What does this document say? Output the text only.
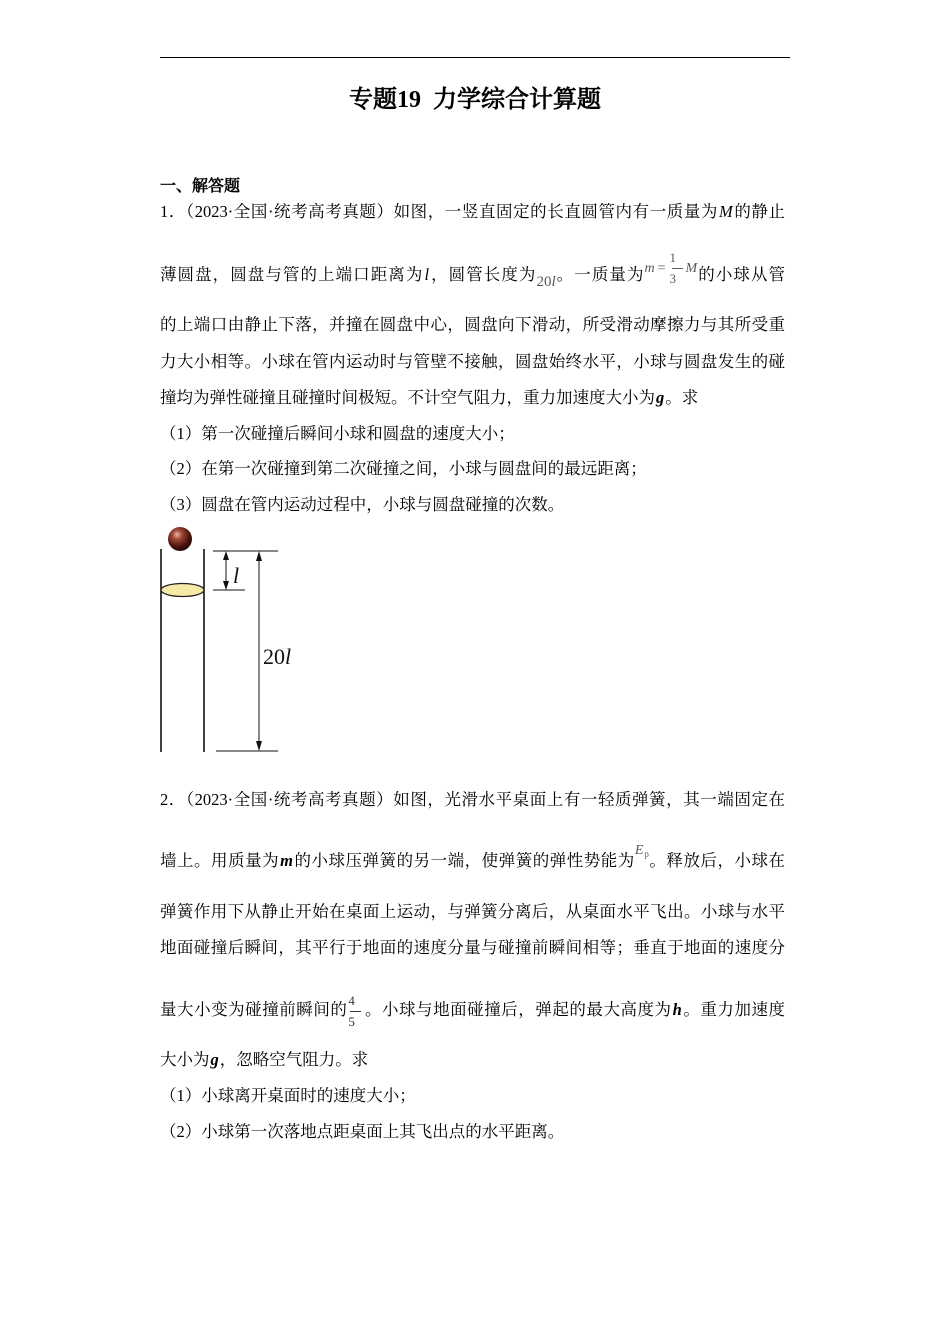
专题19 力学综合计算题
一、解答题
1．（2023·全国·统考高考真题）如图，一竖直固定的长直圆管内有一质量为M的静止
薄圆盘，圆盘与管的上端口距离为l，圆管长度为20l。一质量为m =
1
3
M的小球从管
的上端口由静止下落，并撞在圆盘中心，圆盘向下滑动，所受滑动摩擦力与其所受重
力大小相等。小球在管内运动时与管壁不接触，圆盘始终水平，小球与圆盘发生的碰
撞均为弹性碰撞且碰撞时间极短。不计空气阻力，重力加速度大小为g。求
（1）第一次碰撞后瞬间小球和圆盘的速度大小；
（2）在第一次碰撞到第二次碰撞之间，小球与圆盘间的最远距离；
（3）圆盘在管内运动过程中，小球与圆盘碰撞的次数。
l
20l
2．（2023·全国·统考高考真题）如图，光滑水平桌面上有一轻质弹簧，其一端固定在
墙上。用质量为m的小球压弹簧的另一端，使弹簧的弹性势能为$E_p$。释放后，小球在
弹簧作用下从静止开始在桌面上运动，与弹簧分离后，从桌面水平飞出。小球与水平
地面碰撞后瞬间，其平行于地面的速度分量与碰撞前瞬间相等；垂直于地面的速度分
量大小变为碰撞前瞬间的 4
5
。小球与地面碰撞后，弹起的最大高度为h。重力加速度
大小为g，忽略空气阻力。求
（1）小球离开桌面时的速度大小；
（2）小球第一次落地点距桌面上其飞出点的水平距离。
